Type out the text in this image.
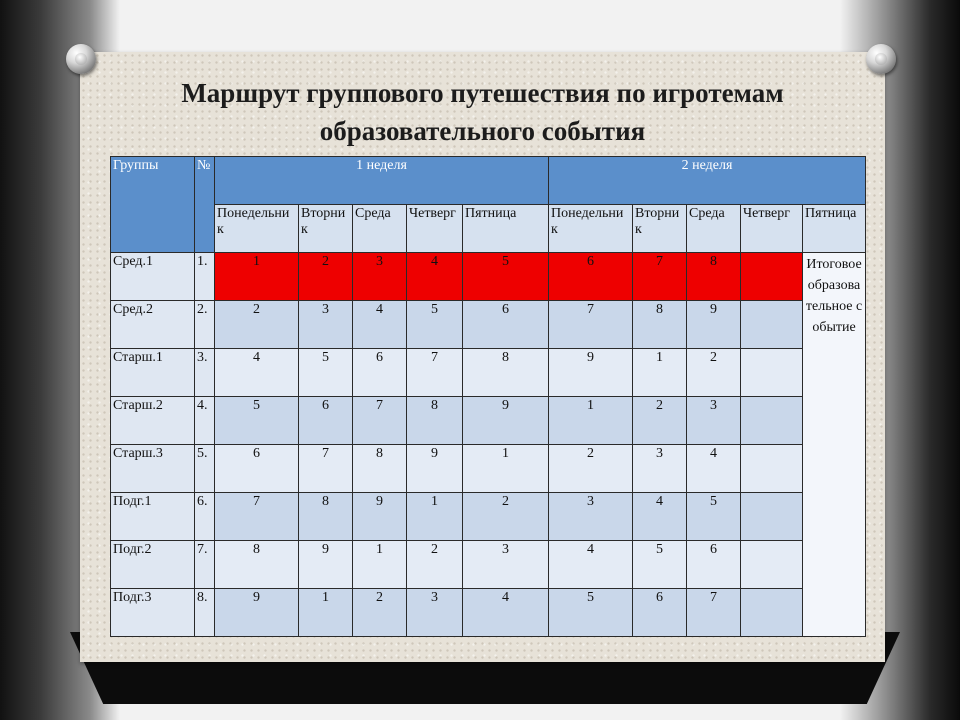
Маршрут группового путешествия по игротемам образовательного события
Группы	№	1 неделя					2 неделя				
		Понедельник	Вторник	Среда	Четверг	Пятница	Понедельник	Вторник	Среда	Четверг	Пятница
Сред.1	1.	1	2	3	4	5	6	7	8		Итоговое образовательное событие
Сред.2	2.	2	3	4	5	6	7	8	9		
Старш.1	3.	4	5	6	7	8	9	1	2		
Старш.2	4.	5	6	7	8	9	1	2	3		
Старш.3	5.	6	7	8	9	1	2	3	4		
Подг.1	6.	7	8	9	1	2	3	4	5		
Подг.2	7.	8	9	1	2	3	4	5	6		
Подг.3	8.	9	1	2	3	4	5	6	7		
